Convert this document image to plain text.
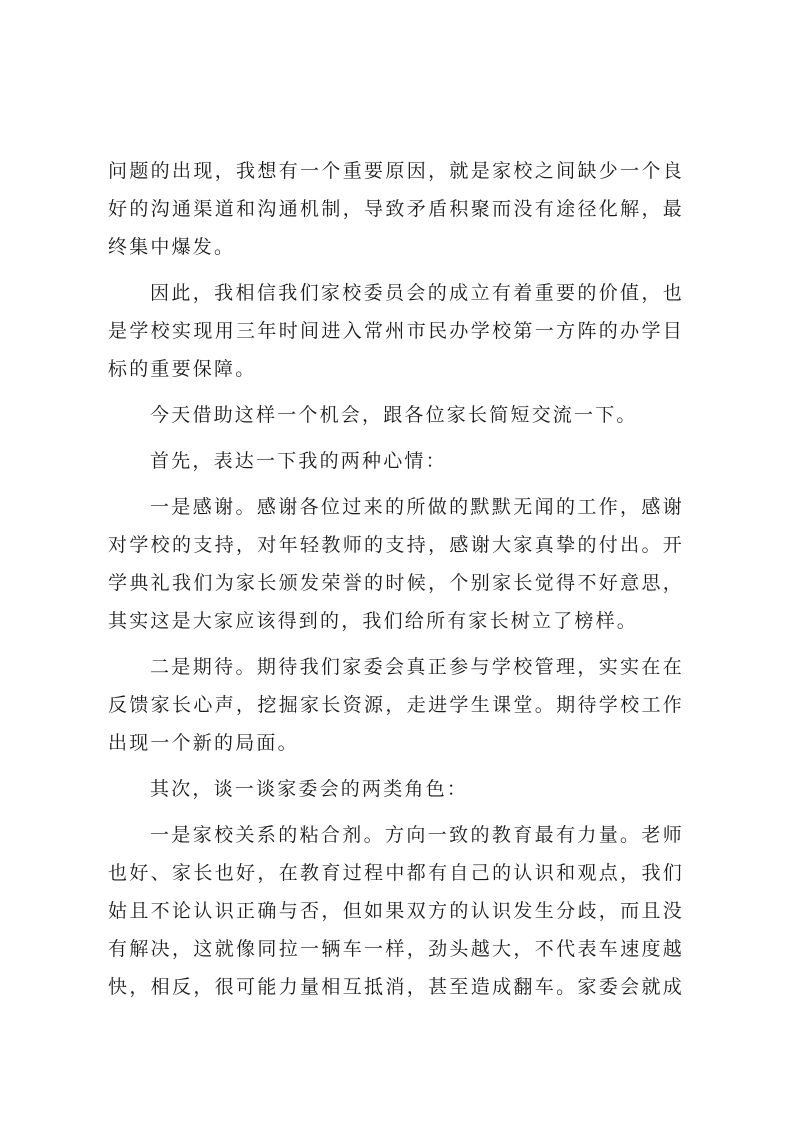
问题的出现，我想有一个重要原因，就是家校之间缺少一个良
好的沟通渠道和沟通机制，导致矛盾积聚而没有途径化解，最
终集中爆发。

因此，我相信我们家校委员会的成立有着重要的价值，也
是学校实现用三年时间进入常州市民办学校第一方阵的办学目
标的重要保障。

今天借助这样一个机会，跟各位家长简短交流一下。

首先，表达一下我的两种心情：

一是感谢。感谢各位过来的所做的默默无闻的工作，感谢
对学校的支持，对年轻教师的支持，感谢大家真挚的付出。开
学典礼我们为家长颁发荣誉的时候，个别家长觉得不好意思，
其实这是大家应该得到的，我们给所有家长树立了榜样。

二是期待。期待我们家委会真正参与学校管理，实实在在
反馈家长心声，挖掘家长资源，走进学生课堂。期待学校工作
出现一个新的局面。

其次，谈一谈家委会的两类角色：

一是家校关系的粘合剂。方向一致的教育最有力量。老师
也好、家长也好，在教育过程中都有自己的认识和观点，我们
姑且不论认识正确与否，但如果双方的认识发生分歧，而且没
有解决，这就像同拉一辆车一样，劲头越大，不代表车速度越
快，相反，很可能力量相互抵消，甚至造成翻车。家委会就成
